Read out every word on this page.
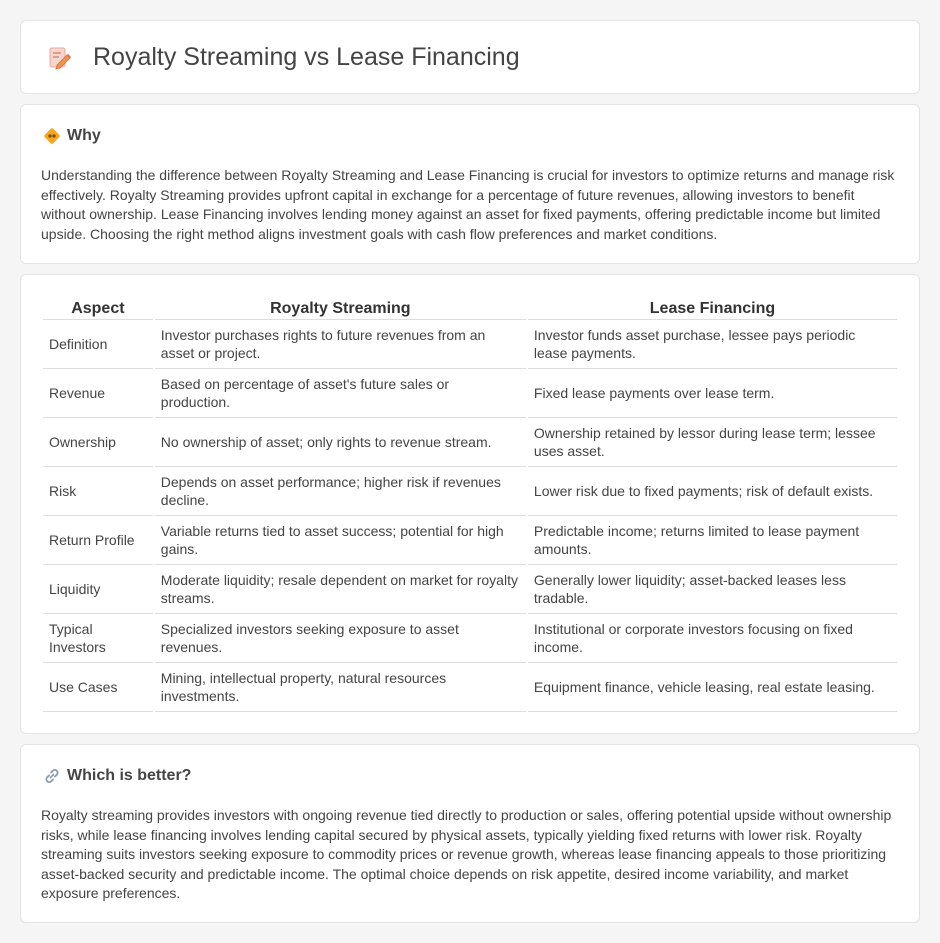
Royalty Streaming vs Lease Financing
Why

Understanding the difference between Royalty Streaming and Lease Financing is crucial for investors to optimize returns and manage risk effectively. Royalty Streaming provides upfront capital in exchange for a percentage of future revenues, allowing investors to benefit without ownership. Lease Financing involves lending money against an asset for fixed payments, offering predictable income but limited upside. Choosing the right method aligns investment goals with cash flow preferences and market conditions.

Aspect	Royalty Streaming	Lease Financing
Definition	Investor purchases rights to future revenues from an asset or project.	Investor funds asset purchase, lessee pays periodic lease payments.
Revenue	Based on percentage of asset's future sales or production.	Fixed lease payments over lease term.
Ownership	No ownership of asset; only rights to revenue stream.	Ownership retained by lessor during lease term; lessee uses asset.
Risk	Depends on asset performance; higher risk if revenues decline.	Lower risk due to fixed payments; risk of default exists.
Return Profile	Variable returns tied to asset success; potential for high gains.	Predictable income; returns limited to lease payment amounts.
Liquidity	Moderate liquidity; resale dependent on market for royalty streams.	Generally lower liquidity; asset-backed leases less tradable.
Typical Investors	Specialized investors seeking exposure to asset revenues.	Institutional or corporate investors focusing on fixed income.
Use Cases	Mining, intellectual property, natural resources investments.	Equipment finance, vehicle leasing, real estate leasing.
Which is better?

Royalty streaming provides investors with ongoing revenue tied directly to production or sales, offering potential upside without ownership risks, while lease financing involves lending capital secured by physical assets, typically yielding fixed returns with lower risk. Royalty streaming suits investors seeking exposure to commodity prices or revenue growth, whereas lease financing appeals to those prioritizing asset-backed security and predictable income. The optimal choice depends on risk appetite, desired income variability, and market exposure preferences.
